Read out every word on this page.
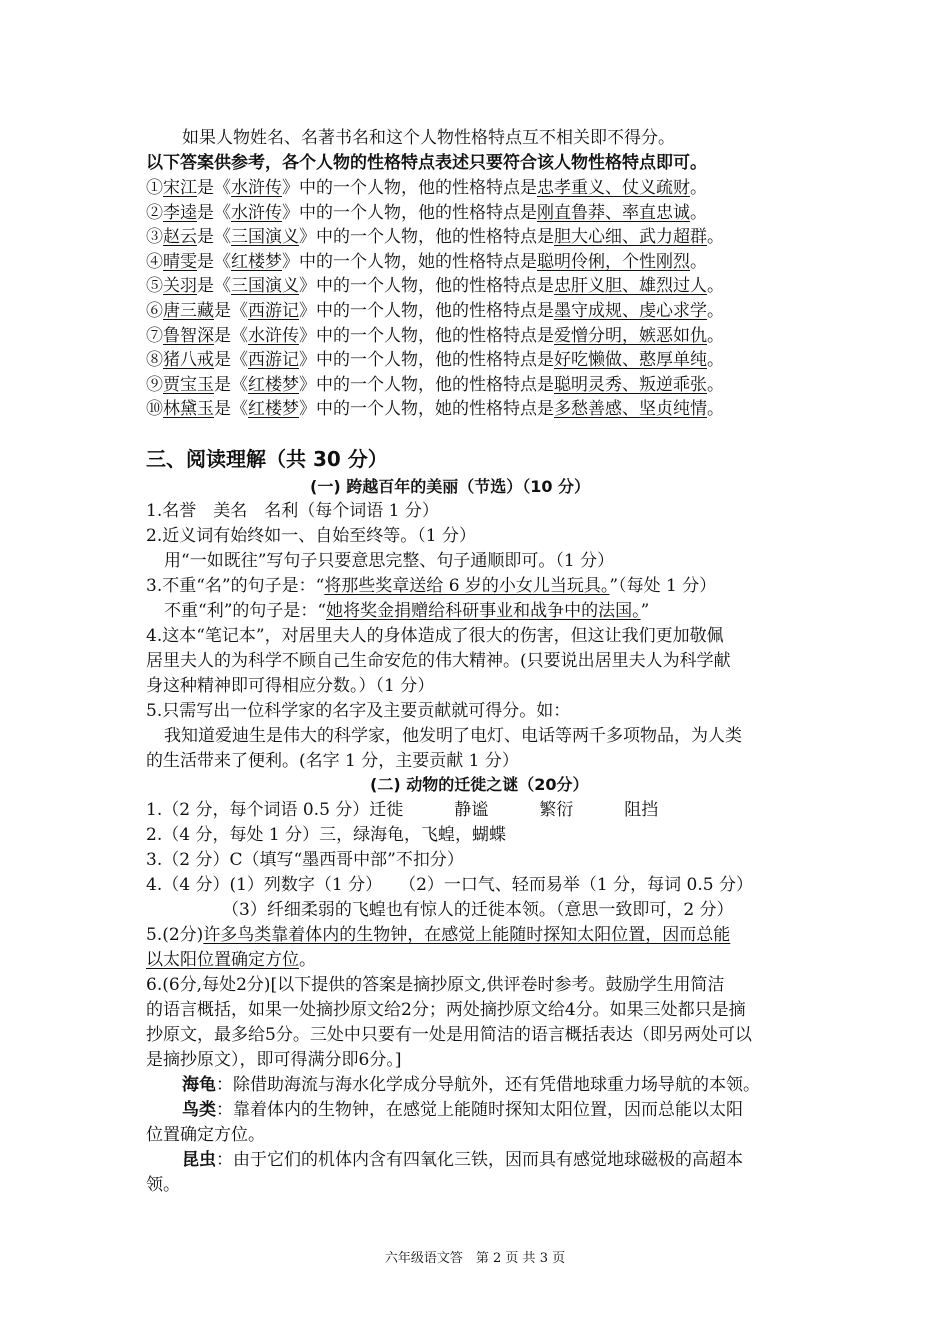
如果人物姓名、名著书名和这个人物性格特点互不相关即不得分。
以下答案供参考，各个人物的性格特点表述只要符合该人物性格特点即可。
①宋江是《水浒传》中的一个人物，他的性格特点是忠孝重义、仗义疏财。
②李逵是《水浒传》中的一个人物，他的性格特点是刚直鲁莽、率直忠诚。
③赵云是《三国演义》中的一个人物，他的性格特点是胆大心细、武力超群。
④晴雯是《红楼梦》中的一个人物，她的性格特点是聪明伶俐，个性刚烈。
⑤关羽是《三国演义》中的一个人物，他的性格特点是忠肝义胆、雄烈过人。
⑥唐三藏是《西游记》中的一个人物，他的性格特点是墨守成规、虔心求学。
⑦鲁智深是《水浒传》中的一个人物，他的性格特点是爱憎分明，嫉恶如仇。
⑧猪八戒是《西游记》中的一个人物，他的性格特点是好吃懒做、憨厚单纯。
⑨贾宝玉是《红楼梦》中的一个人物，他的性格特点是聪明灵秀、叛逆乖张。
⑩林黛玉是《红楼梦》中的一个人物，她的性格特点是多愁善感、坚贞纯情。
三、阅读理解（共 30 分）
(一) 跨越百年的美丽（节选）（10 分）
1.名誉　美名　名利（每个词语 1 分）
2.近义词有始终如一、自始至终等。（1 分）
用“一如既往”写句子只要意思完整、句子通顺即可。（1 分）
3.不重“名”的句子是：“将那些奖章送给 6 岁的小女儿当玩具。”（每处 1 分）
不重“利”的句子是：“她将奖金捐赠给科研事业和战争中的法国。”
4.这本“笔记本”，对居里夫人的身体造成了很大的伤害，但这让我们更加敬佩
居里夫人的为科学不顾自己生命安危的伟大精神。(只要说出居里夫人为科学献
身这种精神即可得相应分数。）（1 分）
5.只需写出一位科学家的名字及主要贡献就可得分。如：
我知道爱迪生是伟大的科学家，他发明了电灯、电话等两千多项物品，为人类
的生活带来了便利。(名字 1 分，主要贡献 1 分）
(二) 动物的迁徙之谜（20分）
1.（2 分，每个词语 0.5 分）迁徙　　　静谧　　　繁衍　　　阻挡
2.（4 分，每处 1 分）三，绿海龟，飞蝗，蝴蝶
3.（2 分）C（填写“墨西哥中部”不扣分）
4.（4 分）(1）列数字（1 分）　　（2）一口气、轻而易举（1 分，每词 0.5 分）
（3）纤细柔弱的飞蝗也有惊人的迁徙本领。（意思一致即可，2 分）
5.(2分)许多鸟类靠着体内的生物钟，在感觉上能随时探知太阳位置，因而总能
以太阳位置确定方位。
6.(6分,每处2分)[以下提供的答案是摘抄原文,供评卷时参考。鼓励学生用简洁
的语言概括，如果一处摘抄原文给2分；两处摘抄原文给4分。如果三处都只是摘
抄原文，最多给5分。三处中只要有一处是用简洁的语言概括表达（即另两处可以
是摘抄原文），即可得满分即6分。]
海龟：除借助海流与海水化学成分导航外，还有凭借地球重力场导航的本领。
鸟类：靠着体内的生物钟，在感觉上能随时探知太阳位置，因而总能以太阳
位置确定方位。
昆虫：由于它们的机体内含有四氧化三铁，因而具有感觉地球磁极的高超本
领。
六年级语文答　第 2 页 共 3 页
